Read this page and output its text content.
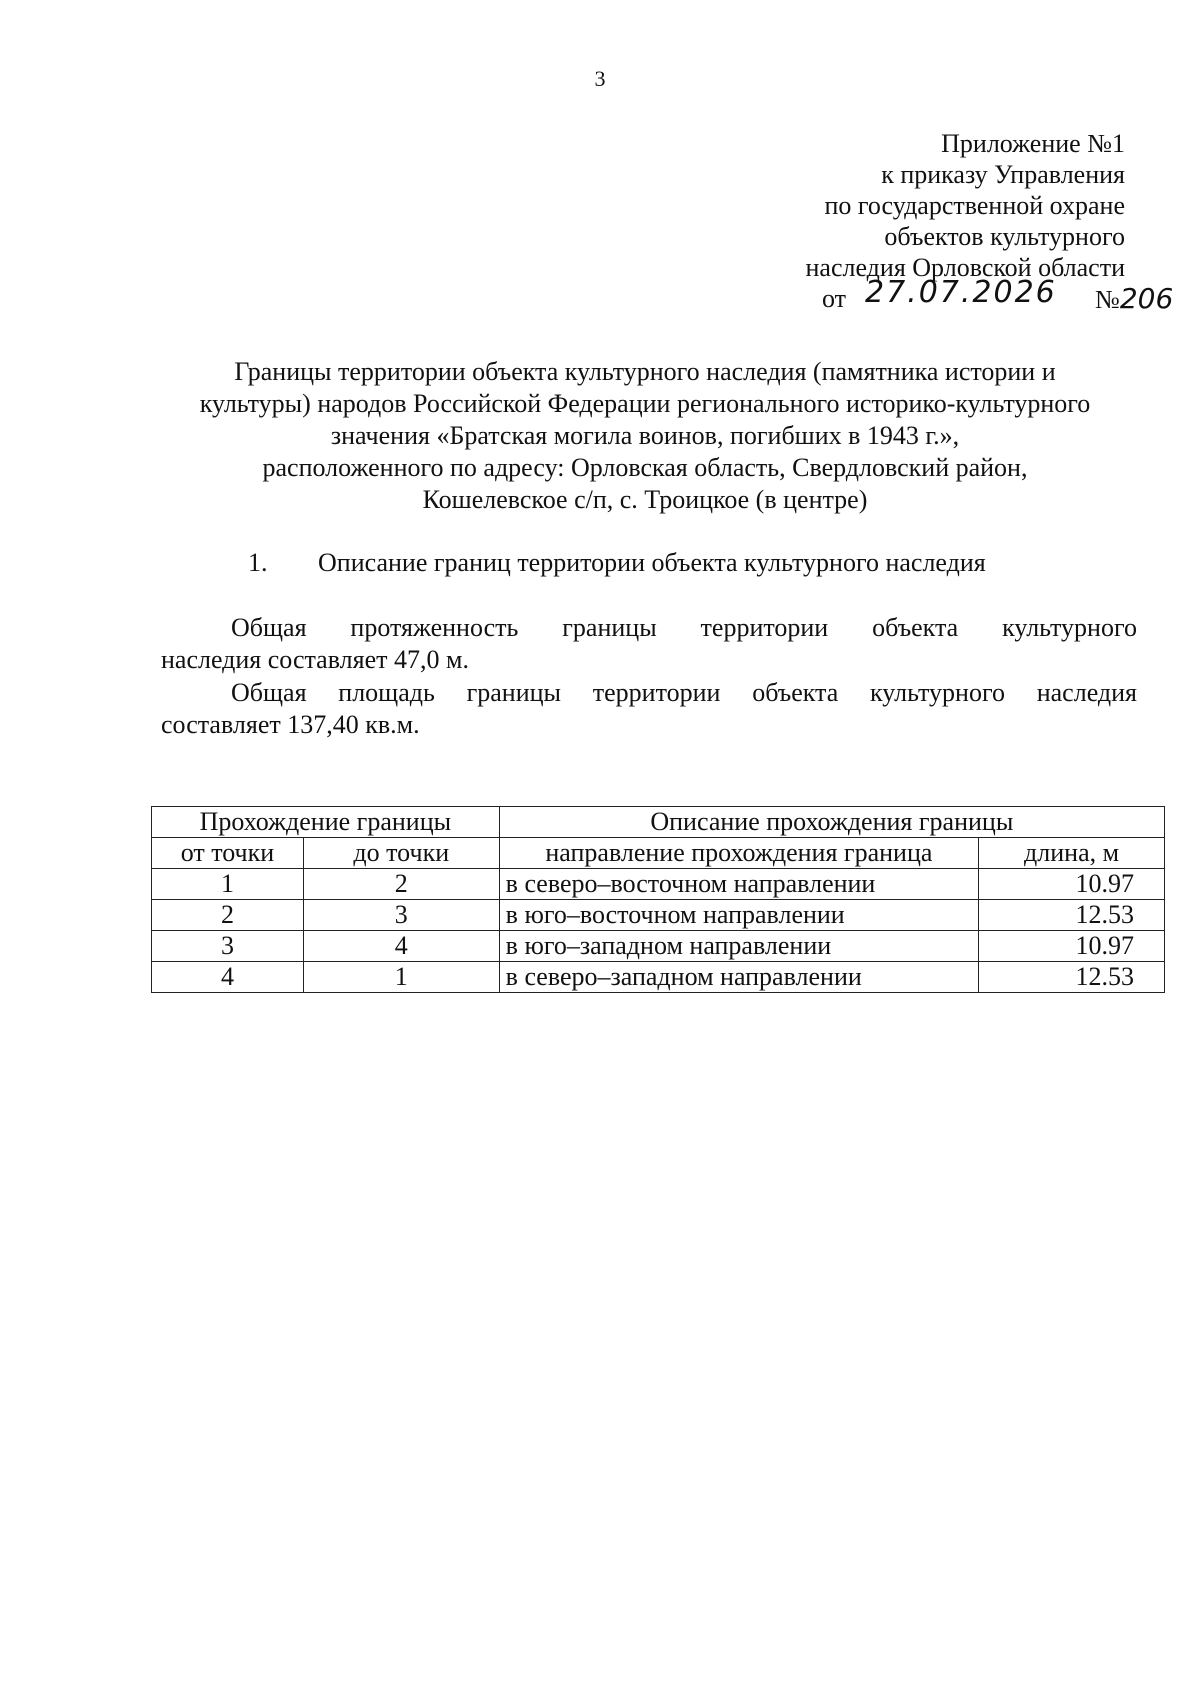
3
Приложение №1
к приказу Управления
по государственной охране
объектов культурного
наследия Орловской области
от 27.07.2026 №206
Границы территории объекта культурного наследия (памятника истории и
культуры) народов Российской Федерации регионального историко-культурного
значения «Братская могила воинов, погибших в 1943 г.»,
расположенного по адресу: Орловская область, Свердловский район,
Кошелевское с/п, с. Троицкое (в центре)
1. Описание границ территории объекта культурного наследия
Общая протяженность границы территории объекта культурного
наследия составляет 47,0 м.
Общая площадь границы территории объекта культурного наследия
составляет 137,40 кв.м.
Прохождение границы		Описание прохождения границы	
от точки	до точки	направление прохождения граница	длина, м
1	2	в северо–восточном направлении	10.97
2	3	в юго–восточном направлении	12.53
3	4	в юго–западном направлении	10.97
4	1	в северо–западном направлении	12.53
